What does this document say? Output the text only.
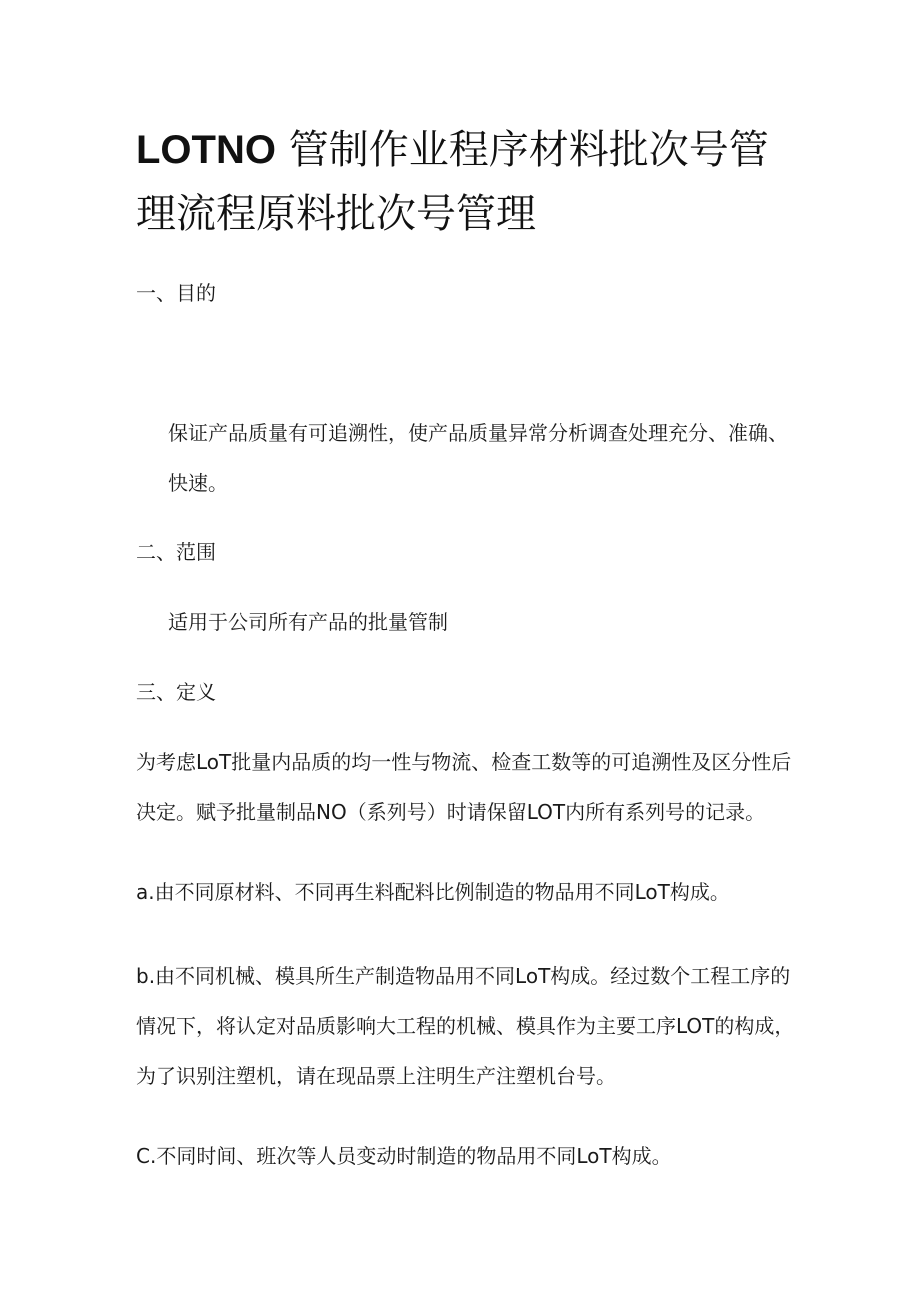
LOTNO 管制作业程序材料批次号管理流程原料批次号管理

一、目的

保证产品质量有可追溯性，使产品质量异常分析调查处理充分、准确、快速。

二、范围

适用于公司所有产品的批量管制

三、定义

为考虑LoT批量内品质的均一性与物流、检查工数等的可追溯性及区分性后决定。赋予批量制品NO（系列号）时请保留LOT内所有系列号的记录。

a.由不同原材料、不同再生料配料比例制造的物品用不同LoT构成。

b.由不同机械、模具所生产制造物品用不同LoT构成。经过数个工程工序的情况下，将认定对品质影响大工程的机械、模具作为主要工序LOT的构成，为了识别注塑机，请在现品票上注明生产注塑机台号。

C.不同时间、班次等人员变动时制造的物品用不同LoT构成。
